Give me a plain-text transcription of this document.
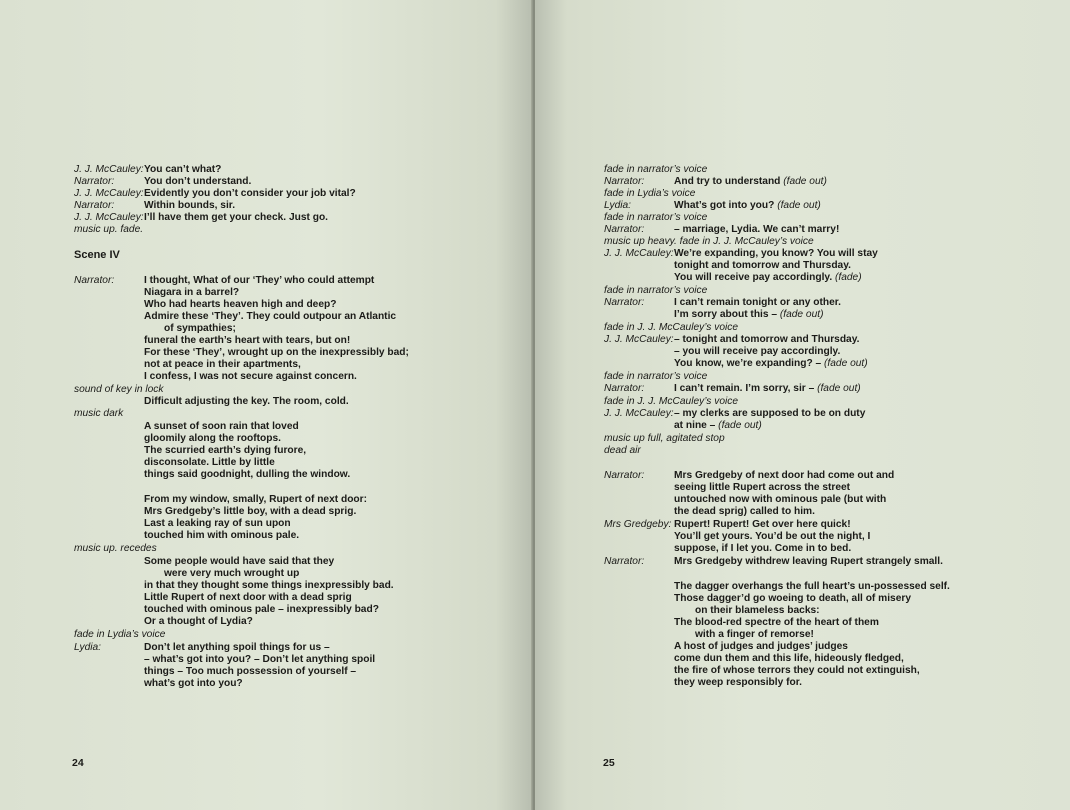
J. J. McCauley: You can’t what?
Narrator:	You don’t understand.
J. J. McCauley: Evidently you don’t consider your job vital?
Narrator:	Within bounds, sir.
J. J. McCauley: I’ll have them get your check. Just go.
music up. fade.
Scene IV
Narrator:	I thought, What of our ‘They’ who could attempt
Niagara in a barrel?
Who had hearts heaven high and deep?
Admire these ‘They’. They could outpour an Atlantic
of sympathies;
funeral the earth’s heart with tears, but on!
For these ‘They’, wrought up on the inexpressibly bad;
not at peace in their apartments,
I confess, I was not secure against concern.
sound of key in lock
Difficult adjusting the key. The room, cold.
music dark
A sunset of soon rain that loved
gloomily along the rooftops.
The scurried earth’s dying furore,
disconsolate. Little by little
things said goodnight, dulling the window.
From my window, smally, Rupert of next door:
Mrs Gredgeby’s little boy, with a dead sprig.
Last a leaking ray of sun upon
touched him with ominous pale.
music up. recedes
Some people would have said that they
were very much wrought up
in that they thought some things inexpressibly bad.
Little Rupert of next door with a dead sprig
touched with ominous pale – inexpressibly bad?
Or a thought of Lydia?
fade in Lydia’s voice
Lydia:	Don’t let anything spoil things for us –
– what’s got into you? – Don’t let anything spoil
things – Too much possession of yourself –
what’s got into you?
24
fade in narrator’s voice
Narrator:	And try to understand (fade out)
fade in Lydia’s voice
Lydia:	What’s got into you? (fade out)
fade in narrator’s voice
Narrator:	– marriage, Lydia. We can’t marry!
music up heavy. fade in J. J. McCauley’s voice
J. J. McCauley: We’re expanding, you know? You will stay
tonight and tomorrow and Thursday.
You will receive pay accordingly. (fade)
fade in narrator’s voice
Narrator:	I can’t remain tonight or any other.
I’m sorry about this – (fade out)
fade in J. J. McCauley’s voice
J. J. McCauley: – tonight and tomorrow and Thursday.
– you will receive pay accordingly.
You know, we’re expanding? – (fade out)
fade in narrator’s voice
Narrator:	I can’t remain. I’m sorry, sir – (fade out)
fade in J. J. McCauley’s voice
J. J. McCauley: – my clerks are supposed to be on duty
at nine – (fade out)
music up full, agitated stop
dead air
Narrator:	Mrs Gredgeby of next door had come out and
seeing little Rupert across the street
untouched now with ominous pale (but with
the dead sprig) called to him.
Mrs Gredgeby: Rupert! Rupert! Get over here quick!
You’ll get yours. You’d be out the night, I
suppose, if I let you. Come in to bed.
Narrator:	Mrs Gredgeby withdrew leaving Rupert strangely small.
The dagger overhangs the full heart’s un-possessed self.
Those dagger’d go woeing to death, all of misery
on their blameless backs:
The blood-red spectre of the heart of them
with a finger of remorse!
A host of judges and judges’ judges
come dun them and this life, hideously fledged,
the fire of whose terrors they could not extinguish,
they weep responsibly for.
25
